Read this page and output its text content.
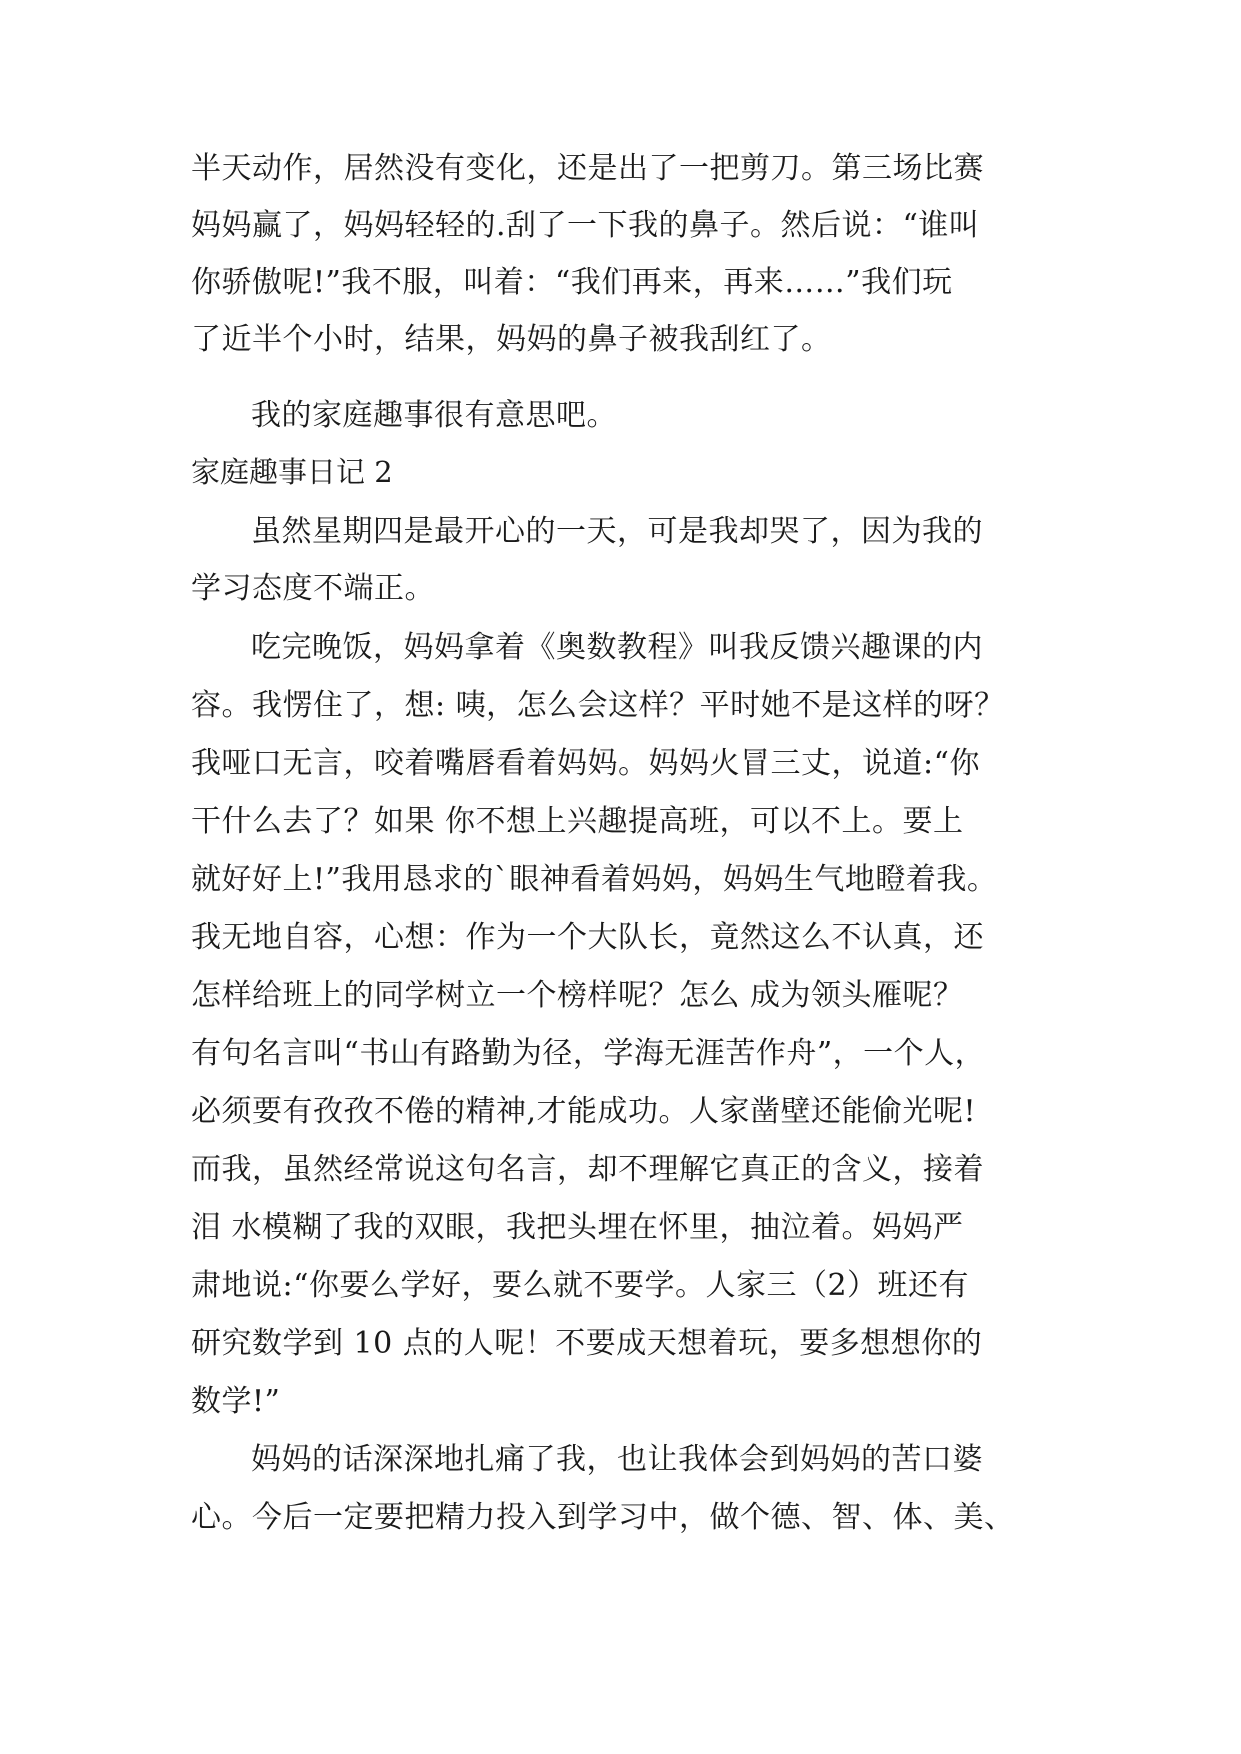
半天动作，居然没有变化，还是出了一把剪刀。第三场比赛
妈妈赢了，妈妈轻轻的.刮了一下我的鼻子。然后说：“谁叫
你骄傲呢!”我不服，叫着：“我们再来，再来……”我们玩
了近半个小时，结果，妈妈的鼻子被我刮红了。
我的家庭趣事很有意思吧。
家庭趣事日记 2
虽然星期四是最开心的一天，可是我却哭了，因为我的
学习态度不端正。
吃完晚饭，妈妈拿着《奥数教程》叫我反馈兴趣课的内
容。我愣住了，想: 咦，怎么会这样？平时她不是这样的呀？
我哑口无言，咬着嘴唇看着妈妈。妈妈火冒三丈，说道:“你
干什么去了？如果 你不想上兴趣提高班，可以不上。要上
就好好上!”我用恳求的`眼神看着妈妈，妈妈生气地瞪着我。
我无地自容，心想：作为一个大队长，竟然这么不认真，还
怎样给班上的同学树立一个榜样呢？怎么 成为领头雁呢？
有句名言叫“书山有路勤为径，学海无涯苦作舟”，一个人，
必须要有孜孜不倦的精神,才能成功。人家凿壁还能偷光呢!
而我，虽然经常说这句名言，却不理解它真正的含义，接着
泪 水模糊了我的双眼，我把头埋在怀里，抽泣着。妈妈严
肃地说:“你要么学好，要么就不要学。人家三（2）班还有
研究数学到 10 点的人呢！不要成天想着玩，要多想想你的
数学!”
妈妈的话深深地扎痛了我，也让我体会到妈妈的苦口婆
心。今后一定要把精力投入到学习中，做个德、智、体、美、
